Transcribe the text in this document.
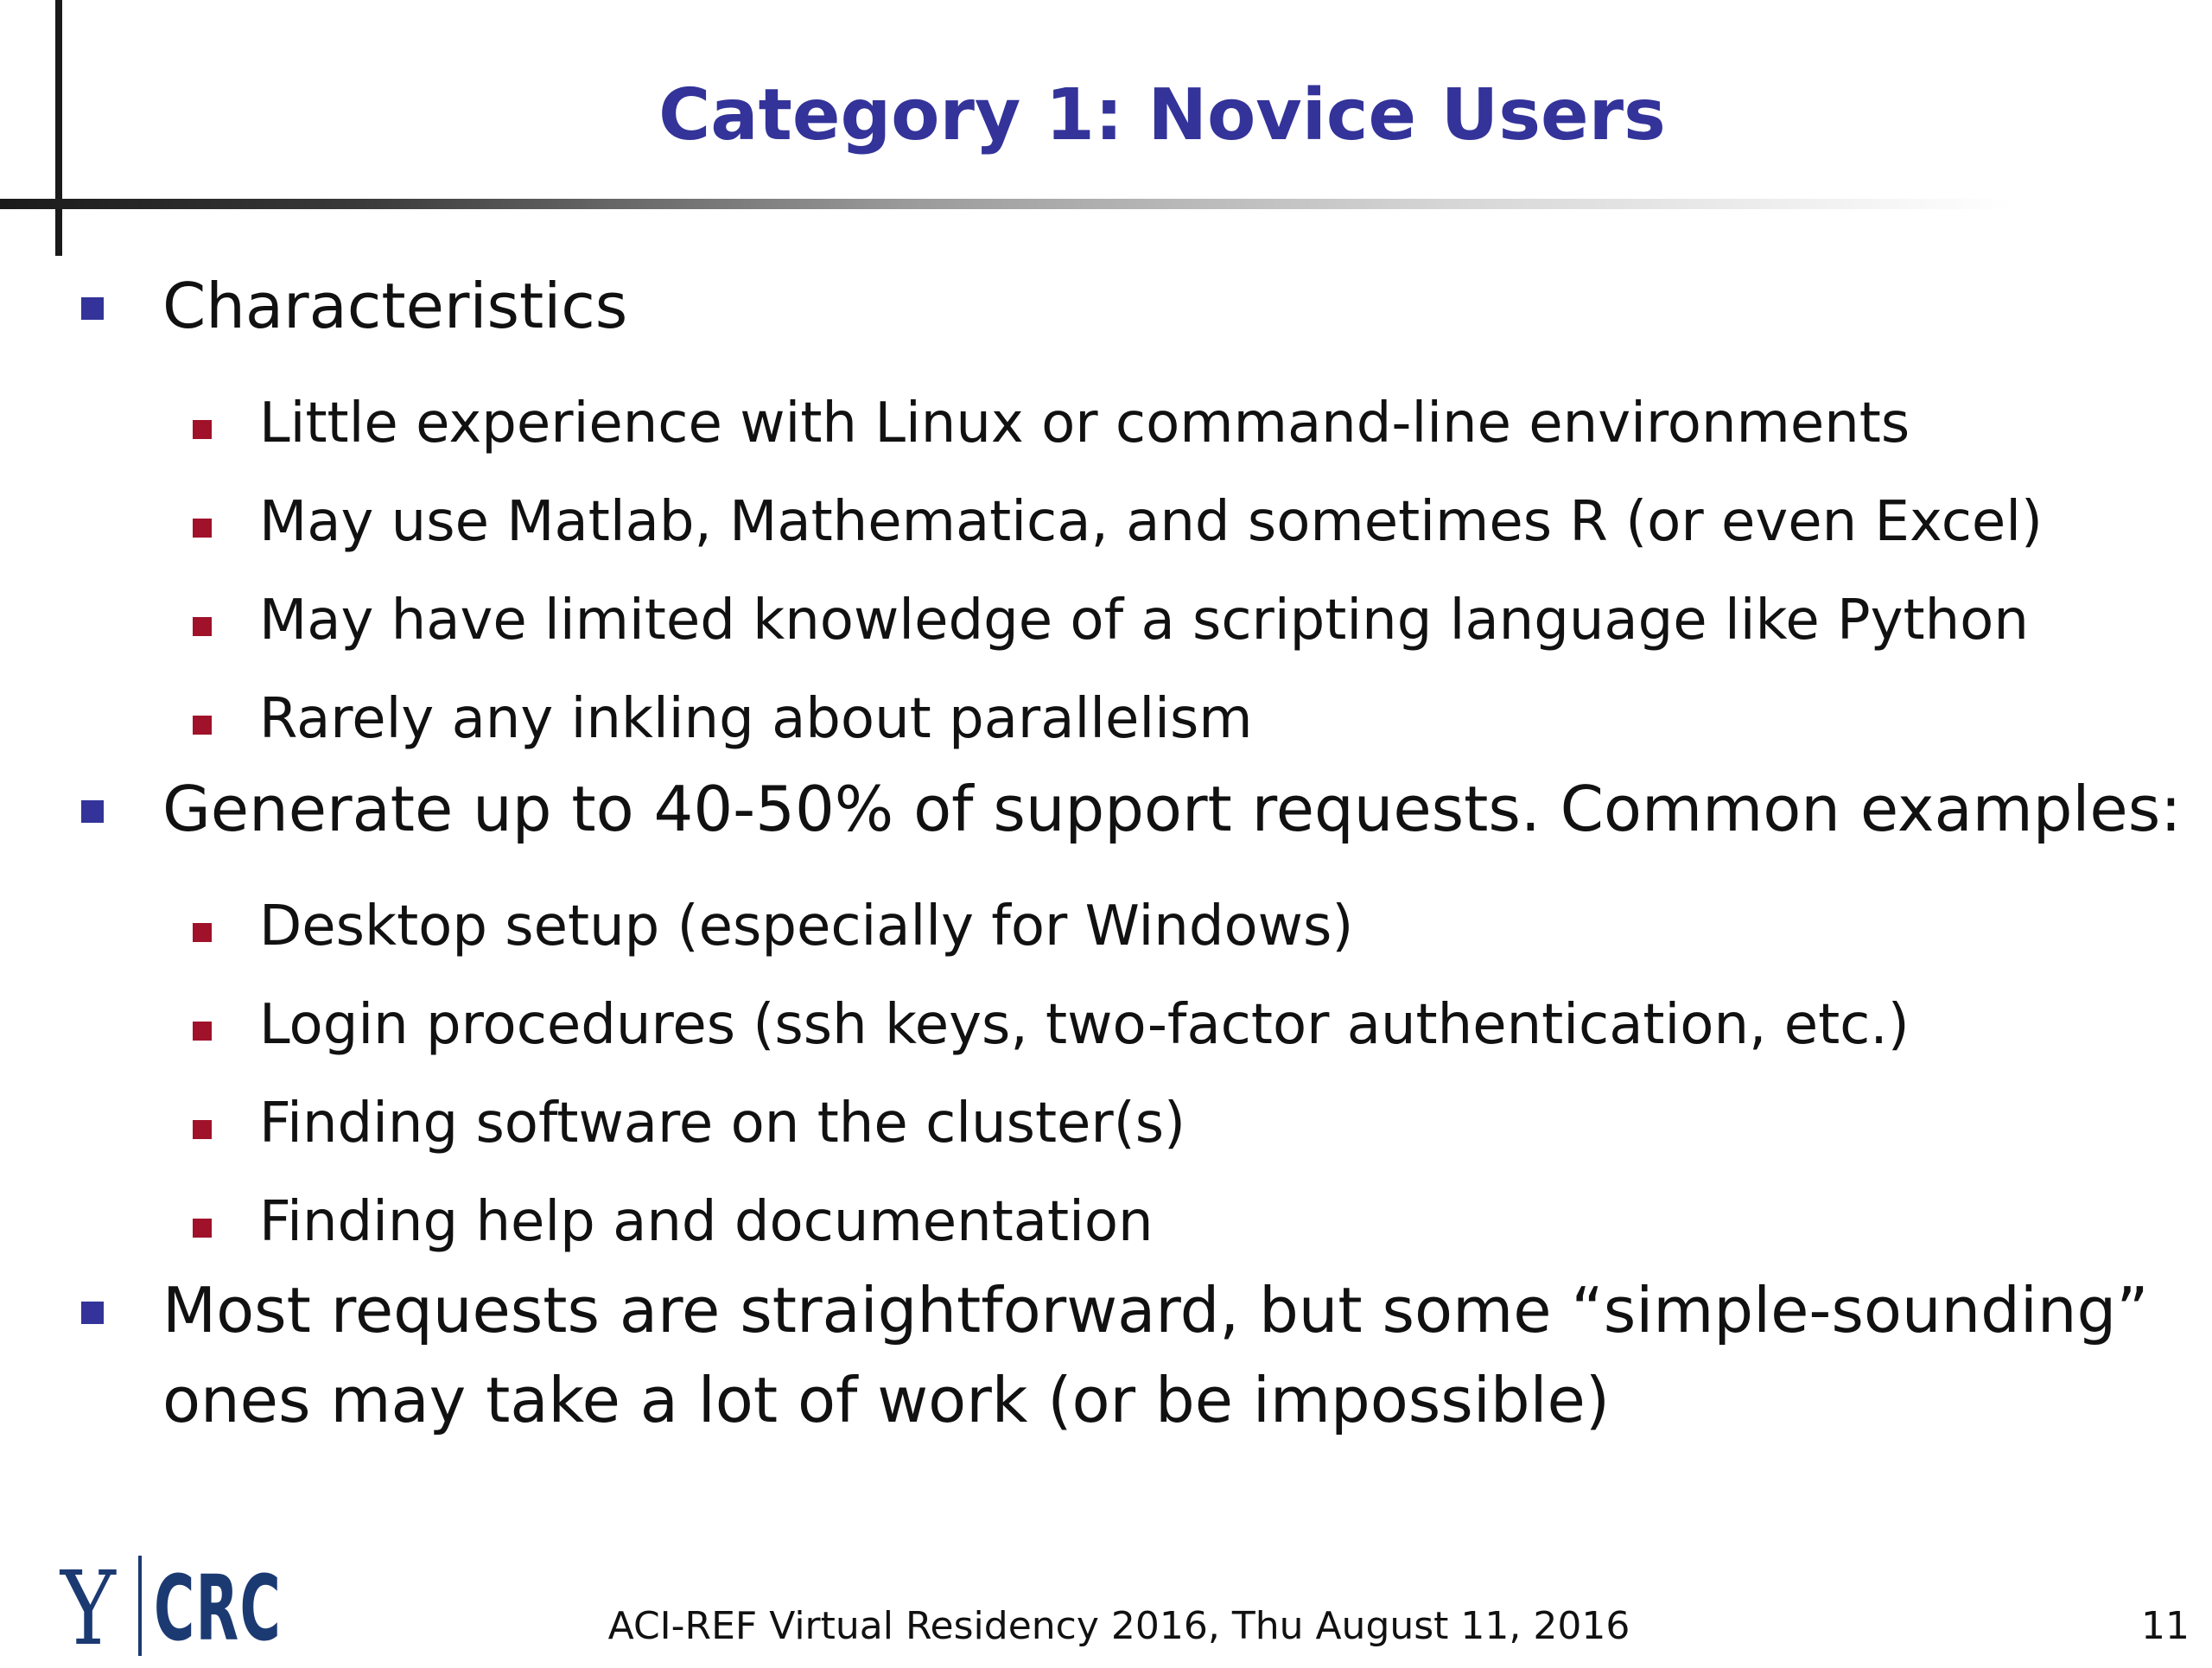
Category 1: Novice Users
Characteristics
Little experience with Linux or command-line environments
May use Matlab, Mathematica, and sometimes R (or even Excel)
May have limited knowledge of a scripting language like Python
Rarely any inkling about parallelism
Generate up to 40-50% of support requests. Common examples:
Desktop setup (especially for Windows)
Login procedures (ssh keys, two-factor authentication, etc.)
Finding software on the cluster(s)
Finding help and documentation
Most requests are straightforward, but some “simple-sounding”
ones may take a lot of work (or be impossible)
Y CRC	ACI-REF Virtual Residency 2016, Thu August 11, 2016	11
